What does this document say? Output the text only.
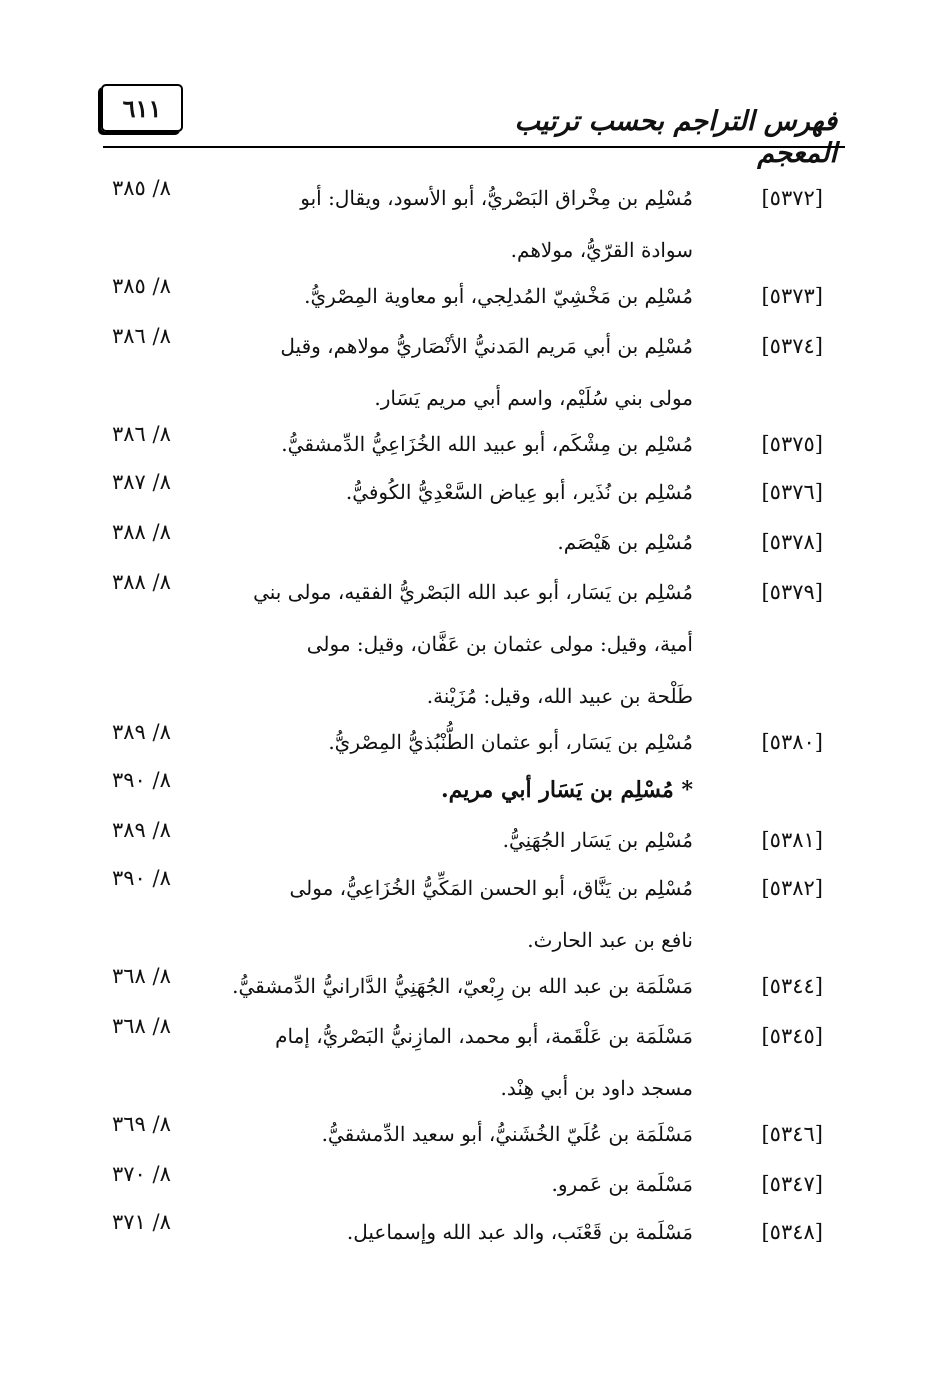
فهرس التراجم بحسب ترتيب المعجم
٦١١
[٥٣٧٢]
مُسْلِم بن مِخْراق البَصْريُّ، أبو الأسود، ويقال: أبو
سوادة القرّيُّ، مولاهم.
٨/ ٣٨٥
[٥٣٧٣]
مُسْلِم بن مَخْشِيّ المُدلِجي، أبو معاوية المِصْريُّ.
٨/ ٣٨٥
[٥٣٧٤]
مُسْلِم بن أبي مَريم المَدنيُّ الأنْصَاريُّ مولاهم، وقيل
مولى بني سُلَيْم، واسم أبي مريم يَسَار.
٨/ ٣٨٦
[٥٣٧٥]
مُسْلِم بن مِشْكَم، أبو عبيد الله الخُزَاعِيُّ الدِّمشقيُّ.
٨/ ٣٨٦
[٥٣٧٦]
مُسْلِم بن نُذَير، أبو عِياض السَّعْدِيُّ الكُوفيُّ.
٨/ ٣٨٧
[٥٣٧٨]
مُسْلِم بن هَيْصَم.
٨/ ٣٨٨
[٥٣٧٩]
مُسْلِم بن يَسَار، أبو عبد الله البَصْريُّ الفقيه، مولى بني
أمية، وقيل: مولى عثمان بن عَفَّان، وقيل: مولى
طَلْحة بن عبيد الله، وقيل: مُزَيْنة.
٨/ ٣٨٨
[٥٣٨٠]
مُسْلِم بن يَسَار، أبو عثمان الطُّنْبُذيُّ المِصْريُّ.
٨/ ٣٨٩
* مُسْلِم بن يَسَار أبي مريم.
٨/ ٣٩٠
[٥٣٨١]
مُسْلِم بن يَسَار الجُهَنِيُّ.
٨/ ٣٨٩
[٥٣٨٢]
مُسْلِم بن يَنَّاق، أبو الحسن المَكِّيُّ الخُزَاعِيُّ، مولى
نافع بن عبد الحارث.
٨/ ٣٩٠
[٥٣٤٤]
مَسْلَمَة بن عبد الله بن رِبْعيّ، الجُهَنِيُّ الدَّارانيُّ الدِّمشقيُّ.
٨/ ٣٦٨
[٥٣٤٥]
مَسْلَمَة بن عَلْقَمة، أبو محمد، المازِنيُّ البَصْريُّ، إمام
مسجد داود بن أبي هِنْد.
٨/ ٣٦٨
[٥٣٤٦]
مَسْلَمَة بن عُلَيّ الخُشَنيُّ، أبو سعيد الدِّمشقيُّ.
٨/ ٣٦٩
[٥٣٤٧]
مَسْلَمة بن عَمرو.
٨/ ٣٧٠
[٥٣٤٨]
مَسْلَمة بن قَعْنَب، والد عبد الله وإسماعيل.
٨/ ٣٧١
